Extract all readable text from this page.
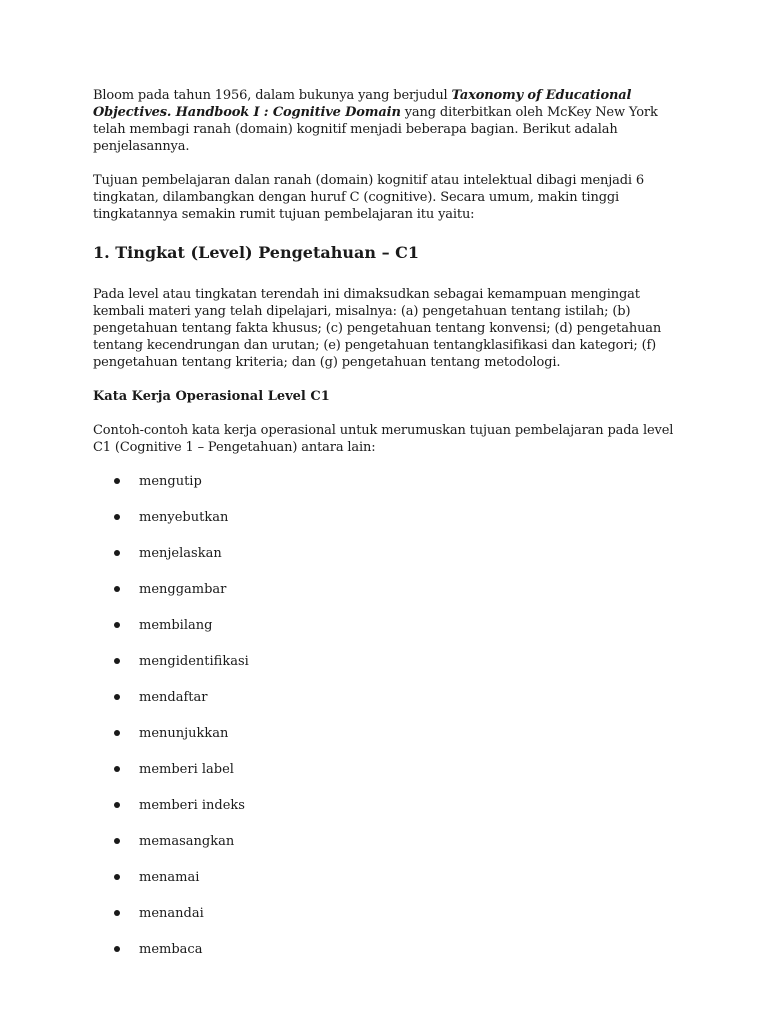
Bloom pada tahun 1956, dalam bukunya yang berjudul Taxonomy of Educational Objectives. Handbook I : Cognitive Domain yang diterbitkan oleh McKey New York telah membagi ranah (domain) kognitif menjadi beberapa bagian. Berikut adalah penjelasannya.

Tujuan pembelajaran dalan ranah (domain) kognitif atau intelektual dibagi menjadi 6 tingkatan, dilambangkan dengan huruf C (cognitive). Secara umum, makin tinggi tingkatannya semakin rumit tujuan pembelajaran itu yaitu:

1. Tingkat (Level) Pengetahuan – C1

Pada level atau tingkatan terendah ini dimaksudkan sebagai kemampuan mengingat kembali materi yang telah dipelajari, misalnya: (a) pengetahuan tentang istilah; (b) pengetahuan tentang fakta khusus; (c) pengetahuan tentang konvensi; (d) pengetahuan tentang kecendrungan dan urutan; (e) pengetahuan tentangklasifikasi dan kategori; (f) pengetahuan tentang kriteria; dan (g) pengetahuan tentang metodologi.

Kata Kerja Operasional Level C1

Contoh-contoh kata kerja operasional untuk merumuskan tujuan pembelajaran pada level C1 (Cognitive 1 – Pengetahuan) antara lain:

mengutip
menyebutkan
menjelaskan
menggambar
membilang
mengidentifikasi
mendaftar
menunjukkan
memberi label
memberi indeks
memasangkan
menamai
menandai
membaca
